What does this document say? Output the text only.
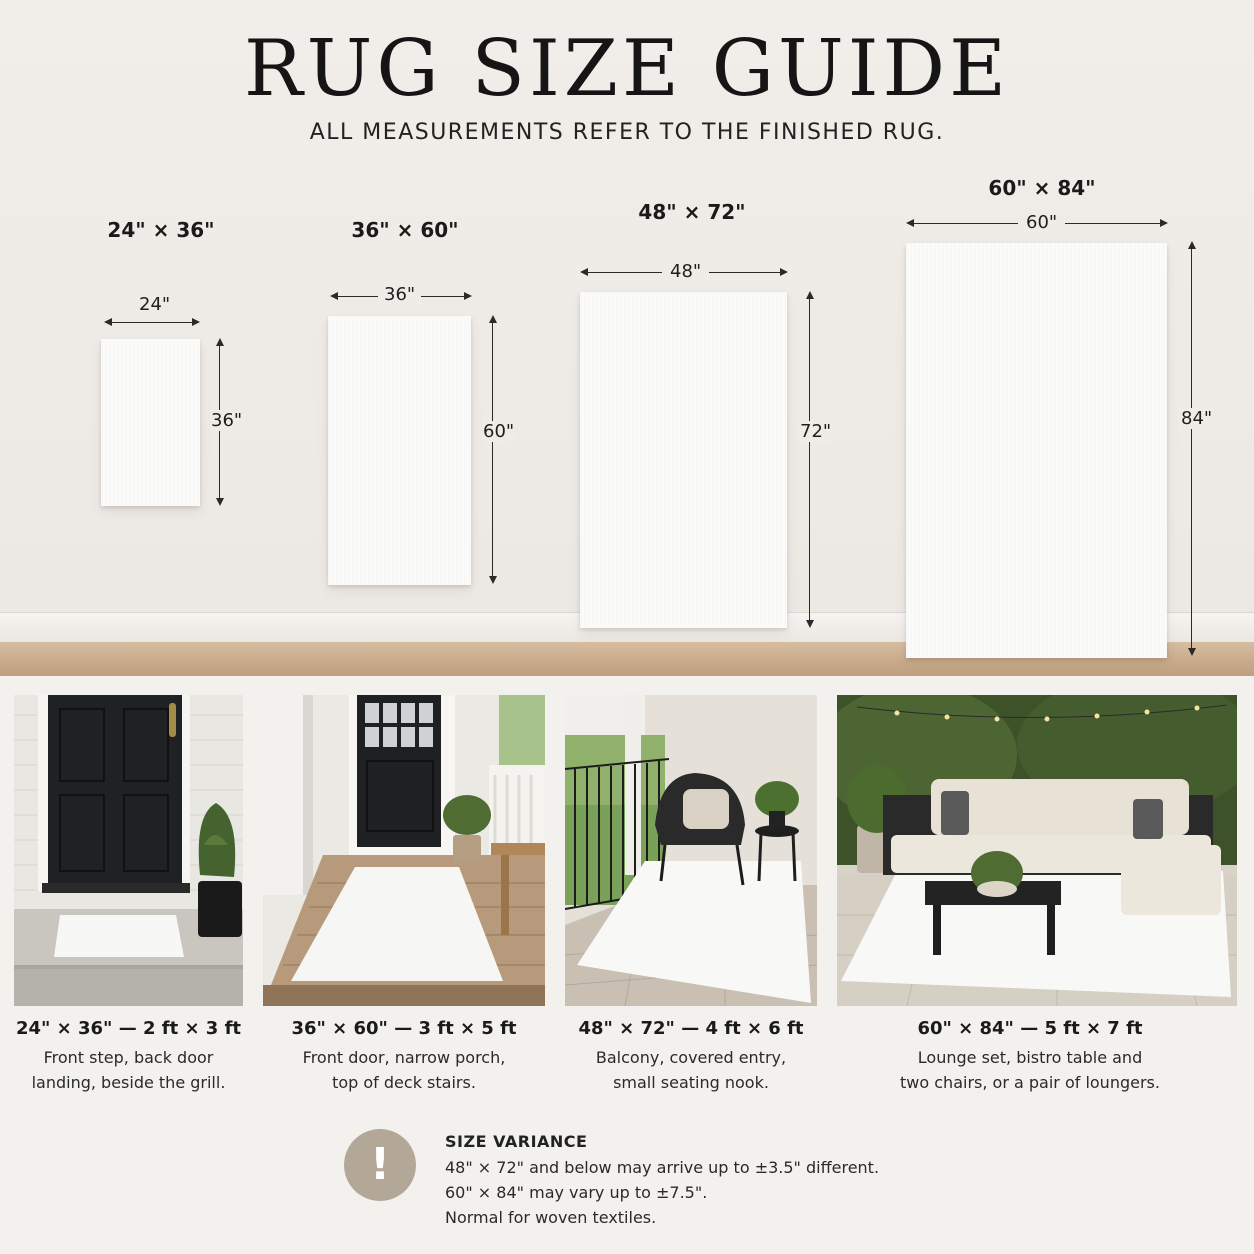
RUG SIZE GUIDE
ALL MEASUREMENTS REFER TO THE FINISHED RUG.
24" × 36"
24"
36"
36" × 60"
36"
60"
48" × 72"
48"
72"
60" × 84"
60"
84"
24" × 36" — 2 ft × 3 ft
Front step, back door
landing, beside the grill.
36" × 60" — 3 ft × 5 ft
Front door, narrow porch,
top of deck stairs.
48" × 72" — 4 ft × 6 ft
Balcony, covered entry,
small seating nook.
60" × 84" — 5 ft × 7 ft
Lounge set, bistro table and
two chairs, or a pair of loungers.
!	SIZE VARIANCE
48" × 72" and below may arrive up to ±3.5" different.
60" × 84" may vary up to ±7.5".
Normal for woven textiles.
